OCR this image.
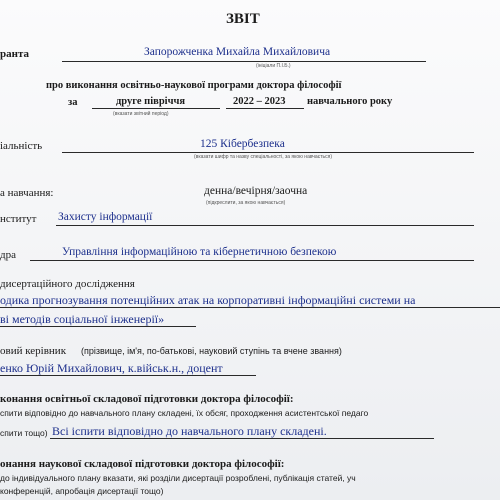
ЗВІТ
ранта	Запорожченка Михайла Михайловича
(ініціали П.І.Б.)
про виконання освітньо-наукової програми доктора філософії
за	друге півріччя	2022 – 2023 навчального року
(вказати звітний період)
іальність	125 Кібербезпека
(вказати шифр та назву спеціальності, за якою навчається)
а навчання:	денна/вечірня/заочна
(підкреслити, за якою навчається)
нститут Захисту інформації
дра	Управління інформаційною та кібернетичною безпекою
дисертаційного дослідження
одика прогнозування потенційних атак на корпоративні інформаційні системи на
ві методів соціальної інженерії»
овий керівник (прізвище, ім'я, по-батькові, науковий ступінь та вчене звання)
енко Юрій Михайлович, к.військ.н., доцент
конання освітньої складової підготовки доктора філософії:
спити відповідно до навчального плану складені, їх обсяг, проходження асистентської педаго
спити тощо) Всі іспити відповідно до навчального плану складені.
онання наукової складової підготовки доктора філософії:
до індивідуального плану вказати, які розділи дисертації розроблені, публікація статей, уч
конференцій, апробація дисертації тощо)
